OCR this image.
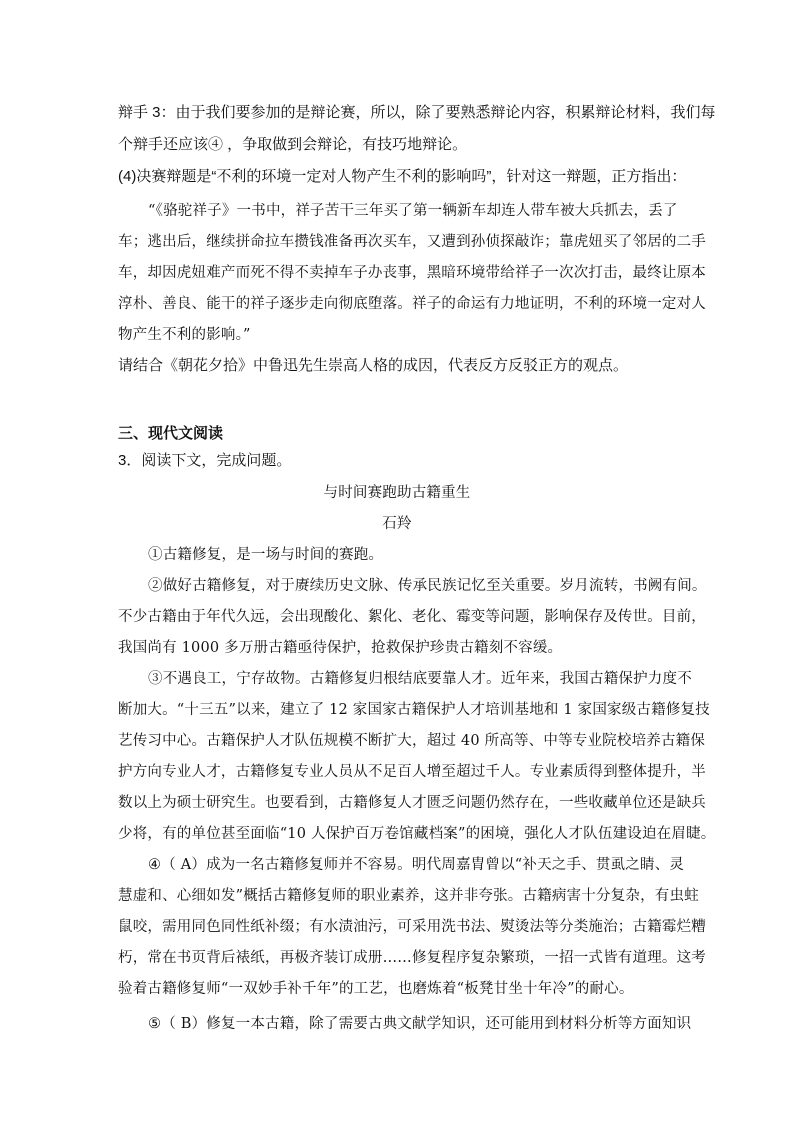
辩手 3：由于我们要参加的是辩论赛，所以，除了要熟悉辩论内容，积累辩论材料，我们每
个辩手还应该④ ，争取做到会辩论，有技巧地辩论。
(4)决赛辩题是“不利的环境一定对人物产生不利的影响吗”，针对这一辩题，正方指出：
“《骆驼祥子》一书中，祥子苦干三年买了第一辆新车却连人带车被大兵抓去，丢了
车；逃出后，继续拼命拉车攒钱准备再次买车，又遭到孙侦探敲诈；靠虎妞买了邻居的二手
车，却因虎妞难产而死不得不卖掉车子办丧事，黑暗环境带给祥子一次次打击，最终让原本
淳朴、善良、能干的祥子逐步走向彻底堕落。祥子的命运有力地证明，不利的环境一定对人
物产生不利的影响。”
请结合《朝花夕拾》中鲁迅先生崇高人格的成因，代表反方反驳正方的观点。
三、现代文阅读
3．阅读下文，完成问题。
与时间赛跑助古籍重生
石羚
①古籍修复，是一场与时间的赛跑。
②做好古籍修复，对于赓续历史文脉、传承民族记忆至关重要。岁月流转，书阙有间。
不少古籍由于年代久远，会出现酸化、絮化、老化、霉变等问题，影响保存及传世。目前，
我国尚有 1000 多万册古籍亟待保护，抢救保护珍贵古籍刻不容缓。
③不遇良工，宁存故物。古籍修复归根结底要靠人才。近年来，我国古籍保护力度不
断加大。“十三五”以来，建立了 12 家国家古籍保护人才培训基地和 1 家国家级古籍修复技
艺传习中心。古籍保护人才队伍规模不断扩大，超过 40 所高等、中等专业院校培养古籍保
护方向专业人才，古籍修复专业人员从不足百人增至超过千人。专业素质得到整体提升，半
数以上为硕士研究生。也要看到，古籍修复人才匮乏问题仍然存在，一些收藏单位还是缺兵
少将，有的单位甚至面临“10 人保护百万卷馆藏档案”的困境，强化人才队伍建设迫在眉睫。
④（ A）成为一名古籍修复师并不容易。明代周嘉胄曾以“补天之手、贯虱之睛、灵
慧虚和、心细如发”概括古籍修复师的职业素养，这并非夸张。古籍病害十分复杂，有虫蛀
鼠咬，需用同色同性纸补缀；有水渍油污，可采用洗书法、熨烫法等分类施治；古籍霉烂糟
朽，常在书页背后裱纸，再极齐装订成册……修复程序复杂繁琐，一招一式皆有道理。这考
验着古籍修复师“一双妙手补千年”的工艺，也磨炼着“板凳甘坐十年冷”的耐心。
⑤（ B）修复一本古籍，除了需要古典文献学知识，还可能用到材料分析等方面知识
